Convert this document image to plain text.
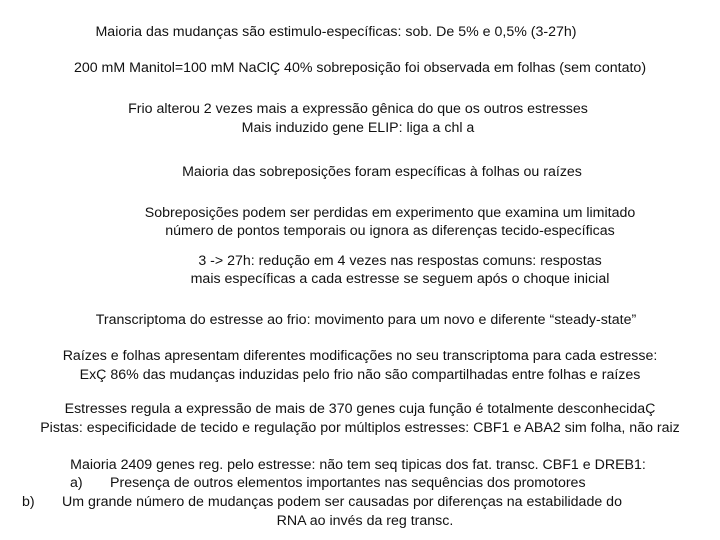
Maioria das mudanças são estimulo-específicas: sob. De 5% e 0,5% (3-27h)
200 mM Manitol=100 mM NaClÇ 40% sobreposição foi observada em folhas (sem contato)
Frio alterou 2 vezes mais a expressão gênica do que os outros estresses
Mais induzido gene ELIP: liga a chl a
Maioria das sobreposições foram específicas à folhas ou raízes
Sobreposições podem ser perdidas em experimento que examina um limitado
número de pontos temporais ou ignora as diferenças tecido-específicas
3 -> 27h: redução em 4 vezes nas respostas comuns: respostas
mais específicas a cada estresse se seguem após o choque inicial
Transcriptoma do estresse ao frio: movimento para um novo e diferente “steady-state”
Raízes e folhas apresentam diferentes modificações no seu transcriptoma para cada estresse:
ExÇ 86% das mudanças induzidas pelo frio não são compartilhadas entre folhas e raízes
Estresses regula a expressão de mais de 370 genes cuja função é totalmente desconhecidaÇ
Pistas: especificidade de tecido e regulação por múltiplos estresses: CBF1 e ABA2 sim folha, não raiz
Maioria 2409 genes reg. pelo estresse: não tem seq tipicas dos fat. transc. CBF1 e DREB1:
a) Presença de outros elementos importantes nas sequências dos promotores
b) Um grande número de mudanças podem ser causadas por diferenças na estabilidade do
RNA ao invés da reg transc.
